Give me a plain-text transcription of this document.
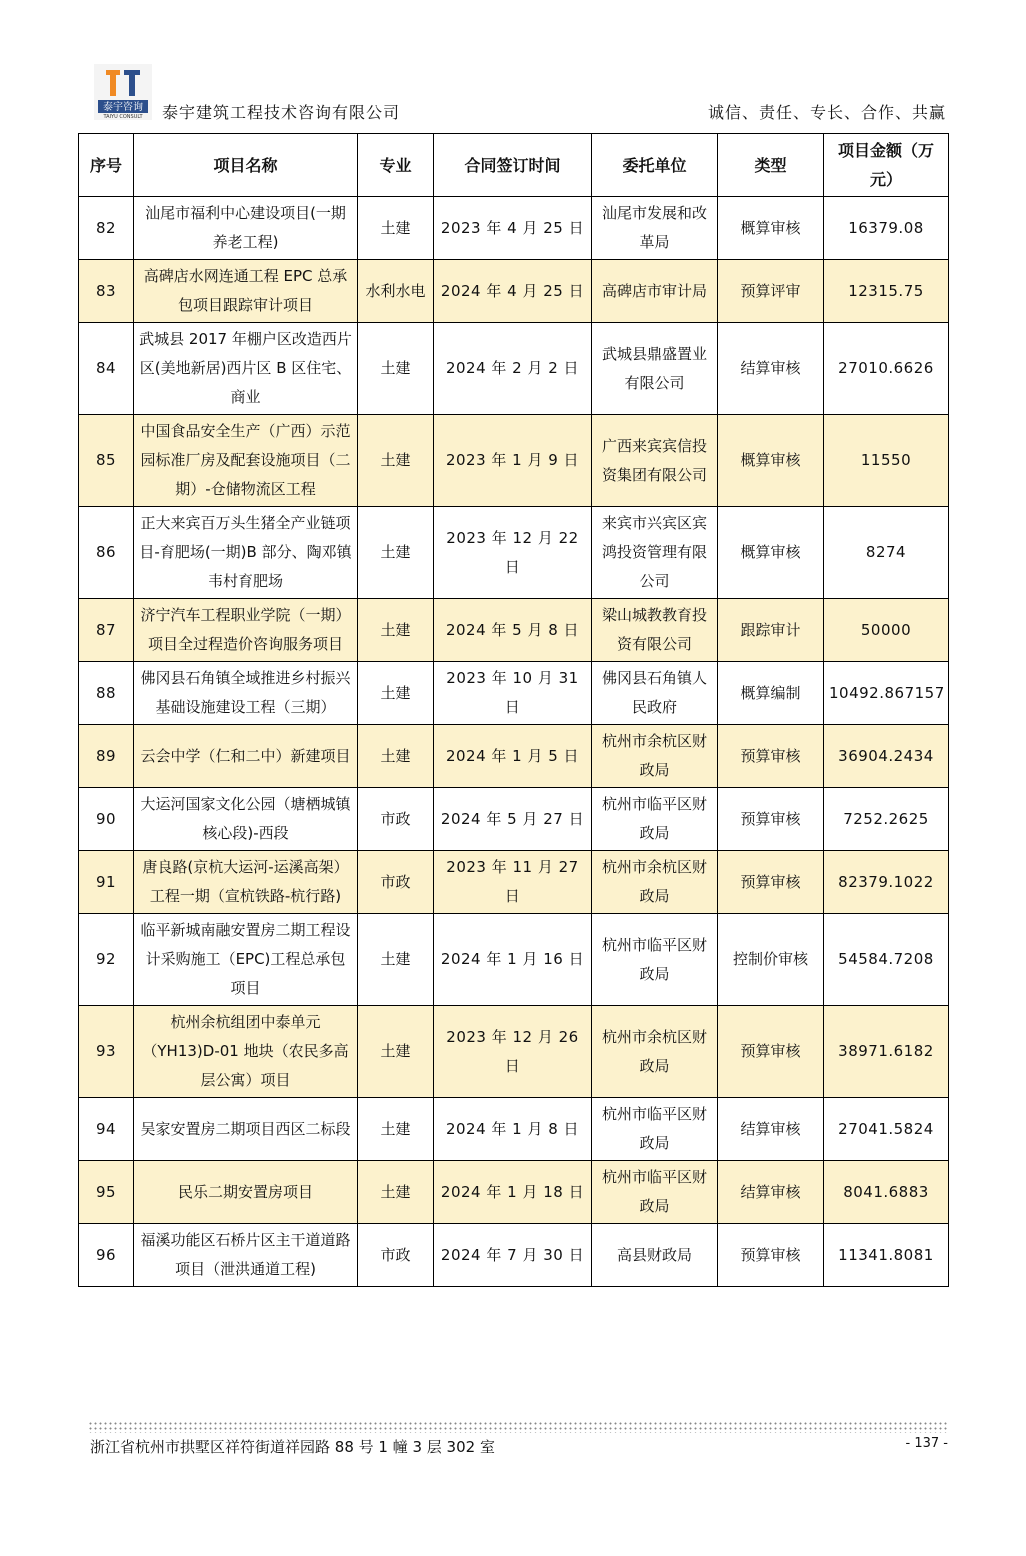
泰宇咨询
TAIYU CONSULT 泰宇建筑工程技术咨询有限公司	诚信、责任、专长、合作、共赢
序号	项目名称	专业	合同签订时间	委托单位	类型	项目金额（万元）
82	汕尾市福利中心建设项目(一期养老工程)	土建	2023 年 4 月 25 日	汕尾市发展和改革局	概算审核	16379.08
83	高碑店水网连通工程 EPC 总承包项目跟踪审计项目	水利水电	2024 年 4 月 25 日	高碑店市审计局	预算评审	12315.75
84	武城县 2017 年棚户区改造西片区(美地新居)西片区 B 区住宅、商业	土建	2024 年 2 月 2 日	武城县鼎盛置业有限公司	结算审核	27010.6626
85	中国食品安全生产（广西）示范园标准厂房及配套设施项目（二期）-仓储物流区工程	土建	2023 年 1 月 9 日	广西来宾宾信投资集团有限公司	概算审核	11550
86	正大来宾百万头生猪全产业链项目-育肥场(一期)B 部分、陶邓镇韦村育肥场	土建	2023 年 12 月 22 日	来宾市兴宾区宾鸿投资管理有限公司	概算审核	8274
87	济宁汽车工程职业学院（一期）项目全过程造价咨询服务项目	土建	2024 年 5 月 8 日	梁山城教教育投资有限公司	跟踪审计	50000
88	佛冈县石角镇全域推进乡村振兴基础设施建设工程（三期）	土建	2023 年 10 月 31 日	佛冈县石角镇人民政府	概算编制	10492.867157
89	云会中学（仁和二中）新建项目	土建	2024 年 1 月 5 日	杭州市余杭区财政局	预算审核	36904.2434
90	大运河国家文化公园（塘栖城镇核心段)-西段	市政	2024 年 5 月 27 日	杭州市临平区财政局	预算审核	7252.2625
91	唐良路(京杭大运河-运溪高架）工程一期（宣杭铁路-杭行路)	市政	2023 年 11 月 27 日	杭州市余杭区财政局	预算审核	82379.1022
92	临平新城南融安置房二期工程设计采购施工（EPC)工程总承包项目	土建	2024 年 1 月 16 日	杭州市临平区财政局	控制价审核	54584.7208
93	杭州余杭组团中泰单元（YH13)D-01 地块（农民多高层公寓）项目	土建	2023 年 12 月 26 日	杭州市余杭区财政局	预算审核	38971.6182
94	吴家安置房二期项目西区二标段	土建	2024 年 1 月 8 日	杭州市临平区财政局	结算审核	27041.5824
95	民乐二期安置房项目	土建	2024 年 1 月 18 日	杭州市临平区财政局	结算审核	8041.6883
96	福溪功能区石桥片区主干道道路项目（泄洪通道工程)	市政	2024 年 7 月 30 日	高县财政局	预算审核	11341.8081
浙江省杭州市拱墅区祥符街道祥园路 88 号 1 幢 3 层 302 室	- 137 -
